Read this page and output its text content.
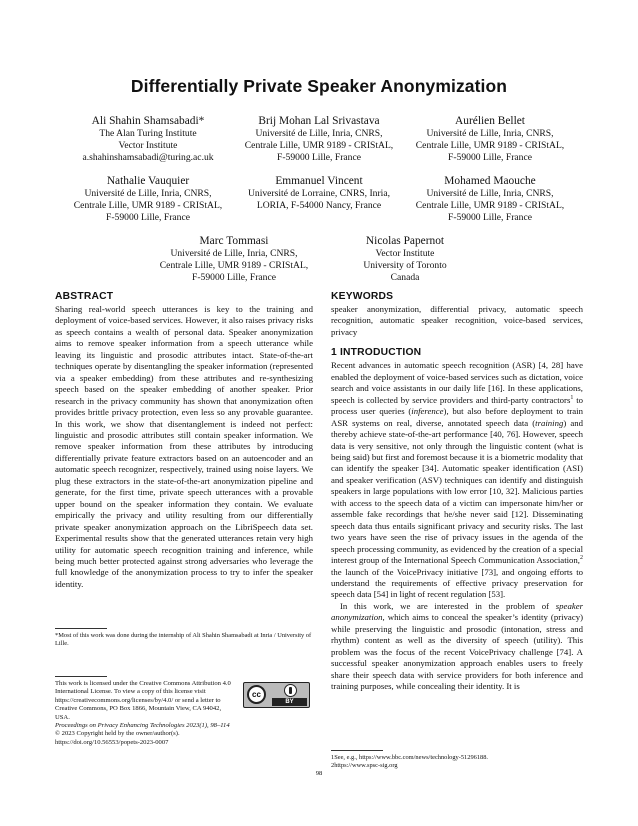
Differentially Private Speaker Anonymization
Ali Shahin Shamsabadi*
The Alan Turing Institute
Vector Institute
a.shahinshamsabadi@turing.ac.uk
Brij Mohan Lal Srivastava
Université de Lille, Inria, CNRS,
Centrale Lille, UMR 9189 - CRIStAL,
F-59000 Lille, France
Aurélien Bellet
Université de Lille, Inria, CNRS,
Centrale Lille, UMR 9189 - CRIStAL,
F-59000 Lille, France
Nathalie Vauquier
Université de Lille, Inria, CNRS,
Centrale Lille, UMR 9189 - CRIStAL,
F-59000 Lille, France
Emmanuel Vincent
Université de Lorraine, CNRS, Inria,
LORIA, F-54000 Nancy, France
Mohamed Maouche
Université de Lille, Inria, CNRS,
Centrale Lille, UMR 9189 - CRIStAL,
F-59000 Lille, France
Marc Tommasi
Université de Lille, Inria, CNRS,
Centrale Lille, UMR 9189 - CRIStAL,
F-59000 Lille, France
Nicolas Papernot
Vector Institute
University of Toronto
Canada
ABSTRACT

Sharing real-world speech utterances is key to the training and deployment of voice-based services. However, it also raises privacy risks as speech contains a wealth of personal data. Speaker anonymization aims to remove speaker information from a speech utterance while leaving its linguistic and prosodic attributes intact. State-of-the-art techniques operate by disentangling the speaker information (represented via a speaker embedding) from these attributes and re-synthesizing speech based on the speaker embedding of another speaker. Prior research in the privacy community has shown that anonymization often provides brittle privacy protection, even less so any provable guarantee. In this work, we show that disentanglement is indeed not perfect: linguistic and prosodic attributes still contain speaker information. We remove speaker information from these attributes by introducing differentially private feature extractors based on an autoencoder and an automatic speech recognizer, respectively, trained using noise layers. We plug these extractors in the state-of-the-art anonymization pipeline and generate, for the first time, private speech utterances with a provable upper bound on the speaker information they contain. We evaluate empirically the privacy and utility resulting from our differentially private speaker anonymization approach on the LibriSpeech data set. Experimental results show that the generated utterances retain very high utility for automatic speech recognition training and inference, while being much better protected against strong adversaries who leverage the full knowledge of the anonymization process to try to infer the speaker identity.

*Most of this work was done during the internship of Ali Shahin Shamsabadi at Inria / University of Lille.

This work is licensed under the Creative Commons Attribution 4.0 International License. To view a copy of this license visit https://creativecommons.org/licenses/by/4.0/ or send a letter to Creative Commons, PO Box 1866, Mountain View, CA 94042, USA.
cc
BY
Proceedings on Privacy Enhancing Technologies 2023(1), 98–114
© 2023 Copyright held by the owner/author(s).
https://doi.org/10.56553/popets-2023-0007
KEYWORDS

speaker anonymization, differential privacy, automatic speech recognition, automatic speaker recognition, voice-based services, privacy

1 INTRODUCTION

Recent advances in automatic speech recognition (ASR) [4, 28] have enabled the deployment of voice-based services such as dictation, voice search and voice assistants in our daily life [16]. In these applications, speech is collected by service providers and third-party contractors$^1$ to process user queries (inference), but also before deployment to train ASR systems on real, diverse, annotated speech data (training) and thereby achieve state-of-the-art performance [40, 76]. However, speech data is very sensitive, not only through the linguistic content (what is being said) but first and foremost because it is a biometric modality that can identify the speaker [34]. Automatic speaker identification (ASI) and speaker verification (ASV) techniques can identify and distinguish speakers in large populations with low error [10, 32]. Malicious parties with access to the speech data of a victim can impersonate him/her or assemble fake recordings that he/she never said [12]. Disseminating speech data thus entails significant privacy and security risks. The last two years have seen the rise of privacy issues in the agenda of the speech processing community, as evidenced by the creation of a special interest group of the International Speech Communication Association,$^2$ the launch of the VoicePrivacy initiative [73], and ongoing efforts to understand the requirements of effective privacy preservation for speech data [54] in light of recent regulation [53].

In this work, we are interested in the problem of speaker anonymization, which aims to conceal the speaker’s identity (privacy) while preserving the linguistic and prosodic (intonation, stress and rhythm) content as well as the diversity of speech (utility). This problem was the focus of the recent VoicePrivacy challenge [74]. A successful speaker anonymization approach enables users to freely share their speech data with service providers for both inference and training purposes, while concealing their identity. It is

1See, e.g., https://www.bbc.com/news/technology-51296188.

2https://www.spsc-sig.org

98
